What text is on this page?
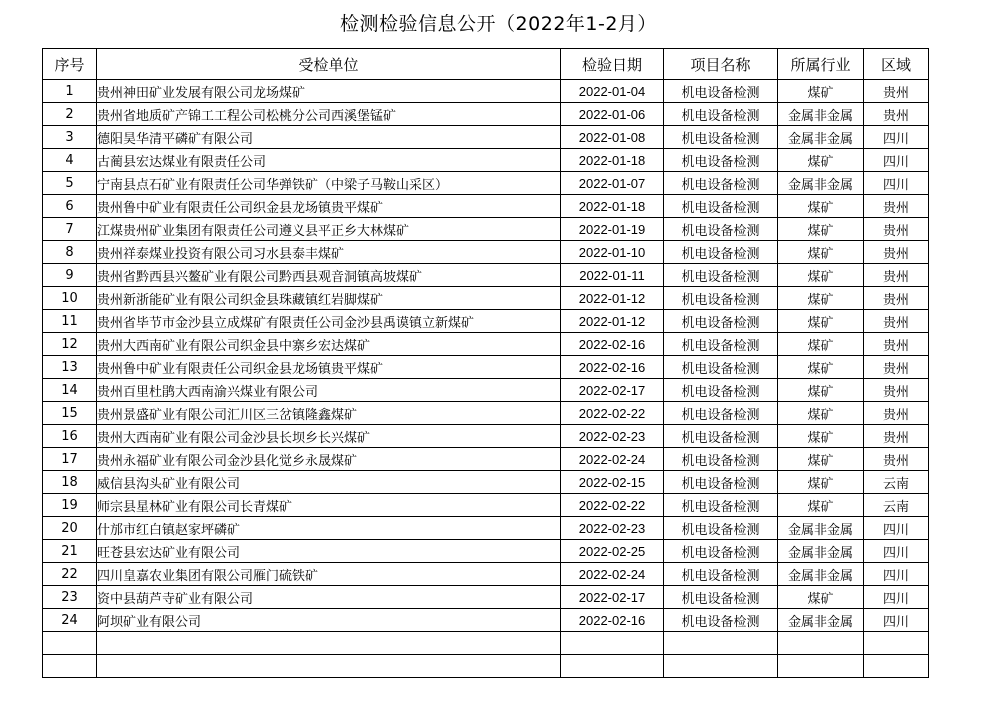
检测检验信息公开（2022年1-2月）
序号	受检单位	检验日期	项目名称	所属行业	区域
1	贵州神田矿业发展有限公司龙场煤矿	2022-01-04	机电设备检测	煤矿	贵州
2	贵州省地质矿产锦工工程公司松桃分公司西溪堡锰矿	2022-01-06	机电设备检测	金属非金属	贵州
3	德阳昊华清平磷矿有限公司	2022-01-08	机电设备检测	金属非金属	四川
4	古蔺县宏达煤业有限责任公司	2022-01-18	机电设备检测	煤矿	四川
5	宁南县点石矿业有限责任公司华弹铁矿（中梁子马鞍山采区）	2022-01-07	机电设备检测	金属非金属	四川
6	贵州鲁中矿业有限责任公司织金县龙场镇贵平煤矿	2022-01-18	机电设备检测	煤矿	贵州
7	江煤贵州矿业集团有限责任公司遵义县平正乡大林煤矿	2022-01-19	机电设备检测	煤矿	贵州
8	贵州祥泰煤业投资有限公司习水县泰丰煤矿	2022-01-10	机电设备检测	煤矿	贵州
9	贵州省黔西县兴鳌矿业有限公司黔西县观音洞镇高坡煤矿	2022-01-11	机电设备检测	煤矿	贵州
10	贵州新浙能矿业有限公司织金县珠藏镇红岩脚煤矿	2022-01-12	机电设备检测	煤矿	贵州
11	贵州省毕节市金沙县立成煤矿有限责任公司金沙县禹谟镇立新煤矿	2022-01-12	机电设备检测	煤矿	贵州
12	贵州大西南矿业有限公司织金县中寨乡宏达煤矿	2022-02-16	机电设备检测	煤矿	贵州
13	贵州鲁中矿业有限责任公司织金县龙场镇贵平煤矿	2022-02-16	机电设备检测	煤矿	贵州
14	贵州百里杜鹃大西南渝兴煤业有限公司	2022-02-17	机电设备检测	煤矿	贵州
15	贵州景盛矿业有限公司汇川区三岔镇隆鑫煤矿	2022-02-22	机电设备检测	煤矿	贵州
16	贵州大西南矿业有限公司金沙县长坝乡长兴煤矿	2022-02-23	机电设备检测	煤矿	贵州
17	贵州永福矿业有限公司金沙县化觉乡永晟煤矿	2022-02-24	机电设备检测	煤矿	贵州
18	威信县沟头矿业有限公司	2022-02-15	机电设备检测	煤矿	云南
19	师宗县星林矿业有限公司长青煤矿	2022-02-22	机电设备检测	煤矿	云南
20	什邡市红白镇赵家坪磷矿	2022-02-23	机电设备检测	金属非金属	四川
21	旺苍县宏达矿业有限公司	2022-02-25	机电设备检测	金属非金属	四川
22	四川皇嘉农业集团有限公司雁门硫铁矿	2022-02-24	机电设备检测	金属非金属	四川
23	资中县葫芦寺矿业有限公司	2022-02-17	机电设备检测	煤矿	四川
24	阿坝矿业有限公司	2022-02-16	机电设备检测	金属非金属	四川
